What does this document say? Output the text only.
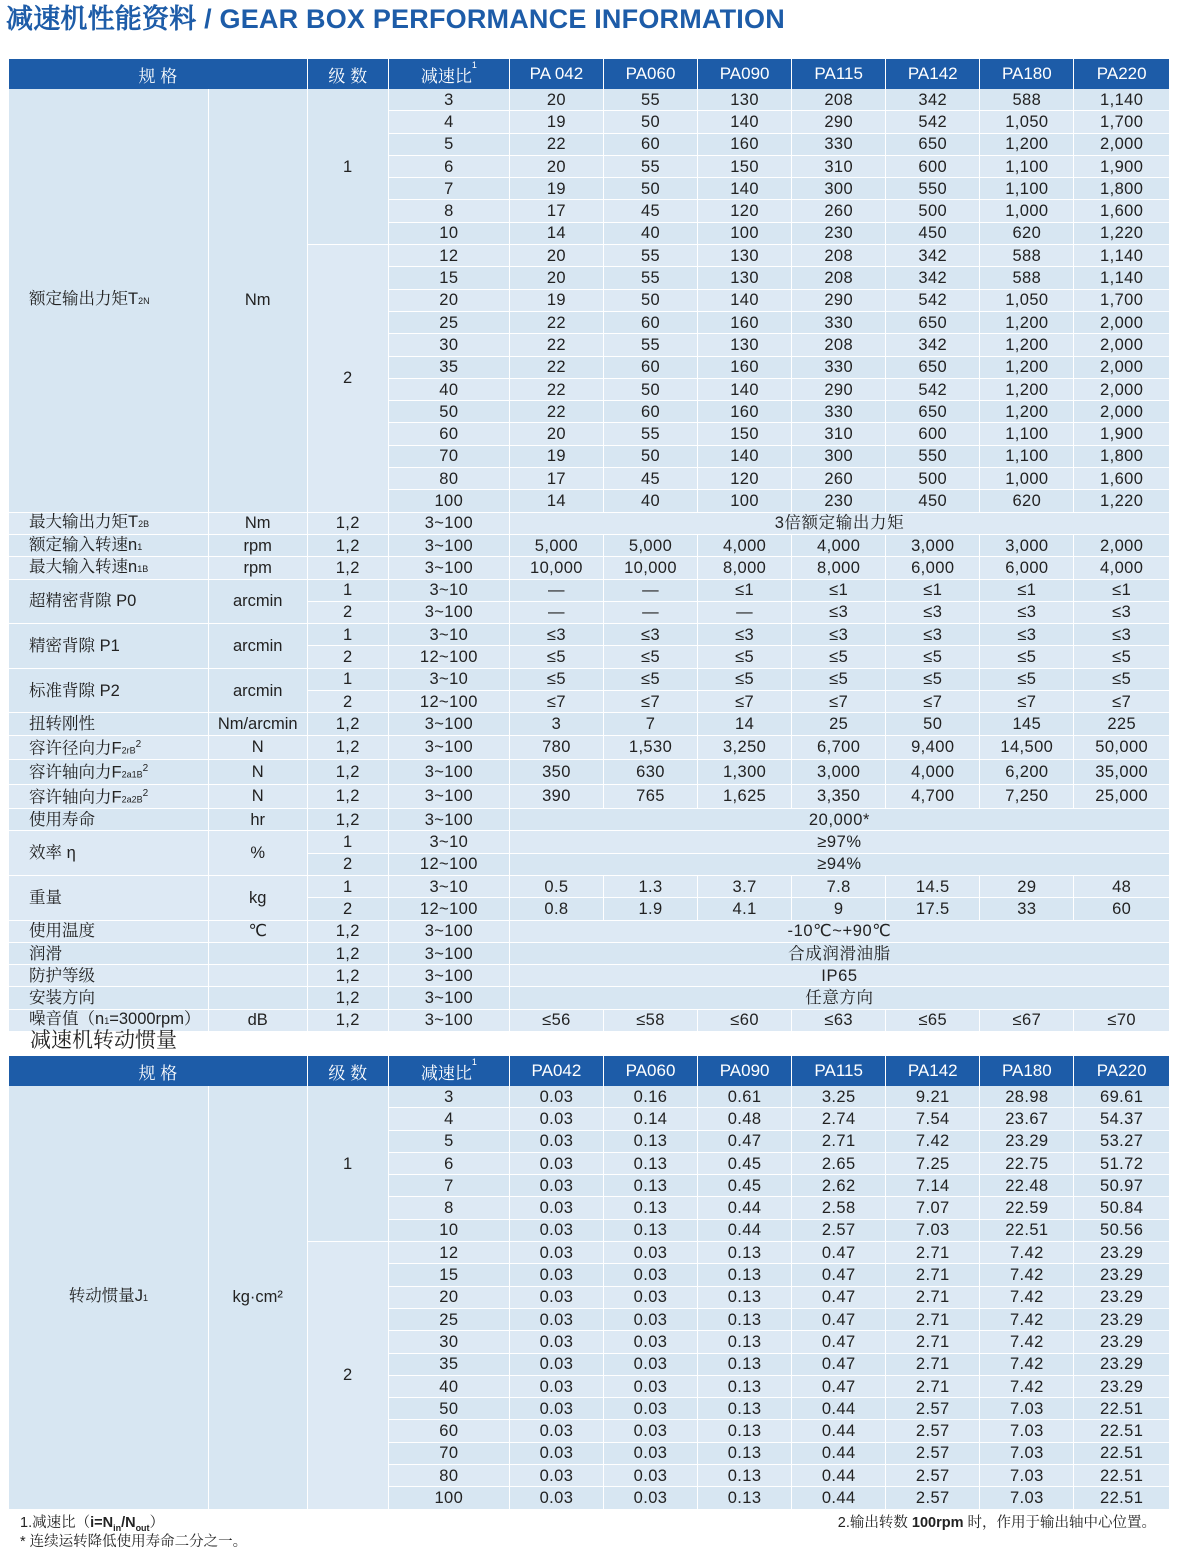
减速机性能资料 / GEAR BOX PERFORMANCE INFORMATION
规 格		级 数	减速比$^1$	PA 042	PA060	PA090	PA115	PA142	PA180	PA220
额定输出力矩T2N	Nm	1	3	20	55	130	208	342	588	1,140
			4	19	50	140	290	542	1,050	1,700
			5	22	60	160	330	650	1,200	2,000
			6	20	55	150	310	600	1,100	1,900
			7	19	50	140	300	550	1,100	1,800
			8	17	45	120	260	500	1,000	1,600
			10	14	40	100	230	450	620	1,220
		2	12	20	55	130	208	342	588	1,140
			15	20	55	130	208	342	588	1,140
			20	19	50	140	290	542	1,050	1,700
			25	22	60	160	330	650	1,200	2,000
			30	22	55	130	208	342	1,200	2,000
			35	22	60	160	330	650	1,200	2,000
			40	22	50	140	290	542	1,200	2,000
			50	22	60	160	330	650	1,200	2,000
			60	20	55	150	310	600	1,100	1,900
			70	19	50	140	300	550	1,100	1,800
			80	17	45	120	260	500	1,000	1,600
			100	14	40	100	230	450	620	1,220
最大输出力矩T2B	Nm	1,2	3~100	3倍额定输出力矩						
额定输入转速n1	rpm	1,2	3~100	5,000	5,000	4,000	4,000	3,000	3,000	2,000
最大输入转速n1B	rpm	1,2	3~100	10,000	10,000	8,000	8,000	6,000	6,000	4,000
超精密背隙 P0	arcmin	1	3~10	—	—	≤1	≤1	≤1	≤1	≤1
		2	3~100	—	—	—	≤3	≤3	≤3	≤3
精密背隙 P1	arcmin	1	3~10	≤3	≤3	≤3	≤3	≤3	≤3	≤3
		2	12~100	≤5	≤5	≤5	≤5	≤5	≤5	≤5
标准背隙 P2	arcmin	1	3~10	≤5	≤5	≤5	≤5	≤5	≤5	≤5
		2	12~100	≤7	≤7	≤7	≤7	≤7	≤7	≤7
扭转刚性	Nm/arcmin	1,2	3~100	3	7	14	25	50	145	225
容许径向力$F2rB^2$	N	1,2	3~100	780	1,530	3,250	6,700	9,400	14,500	50,000
容许轴向力$F2a1B^2$	N	1,2	3~100	350	630	1,300	3,000	4,000	6,200	35,000
容许轴向力$F2a2B^2$	N	1,2	3~100	390	765	1,625	3,350	4,700	7,250	25,000
使用寿命	hr	1,2	3~100	20,000*						
效率 η	%	1	3~10	≥97%						
		2	12~100	≥94%						
重量	kg	1	3~10	0.5	1.3	3.7	7.8	14.5	29	48
		2	12~100	0.8	1.9	4.1	9	17.5	33	60
使用温度	℃	1,2	3~100	-10℃~+90℃						
润滑		1,2	3~100	合成润滑油脂						
防护等级		1,2	3~100	IP65						
安装方向		1,2	3~100	任意方向						
噪音值（n1=3000rpm）	dB	1,2	3~100	≤56	≤58	≤60	≤63	≤65	≤67	≤70
减速机转动惯量
规 格		级 数	减速比$^1$	PA042	PA060	PA090	PA115	PA142	PA180	PA220
转动惯量J1	kg·cm²	1	3	0.03	0.16	0.61	3.25	9.21	28.98	69.61
			4	0.03	0.14	0.48	2.74	7.54	23.67	54.37
			5	0.03	0.13	0.47	2.71	7.42	23.29	53.27
			6	0.03	0.13	0.45	2.65	7.25	22.75	51.72
			7	0.03	0.13	0.45	2.62	7.14	22.48	50.97
			8	0.03	0.13	0.44	2.58	7.07	22.59	50.84
			10	0.03	0.13	0.44	2.57	7.03	22.51	50.56
		2	12	0.03	0.03	0.13	0.47	2.71	7.42	23.29
			15	0.03	0.03	0.13	0.47	2.71	7.42	23.29
			20	0.03	0.03	0.13	0.47	2.71	7.42	23.29
			25	0.03	0.03	0.13	0.47	2.71	7.42	23.29
			30	0.03	0.03	0.13	0.47	2.71	7.42	23.29
			35	0.03	0.03	0.13	0.47	2.71	7.42	23.29
			40	0.03	0.03	0.13	0.47	2.71	7.42	23.29
			50	0.03	0.03	0.13	0.44	2.57	7.03	22.51
			60	0.03	0.03	0.13	0.44	2.57	7.03	22.51
			70	0.03	0.03	0.13	0.44	2.57	7.03	22.51
			80	0.03	0.03	0.13	0.44	2.57	7.03	22.51
			100	0.03	0.03	0.13	0.44	2.57	7.03	22.51
1.减速比$(i=N_{in}/N_{out})$
* 连续运转降低使用寿命二分之一。
2.输出转数 100rpm 时，作用于输出轴中心位置。
